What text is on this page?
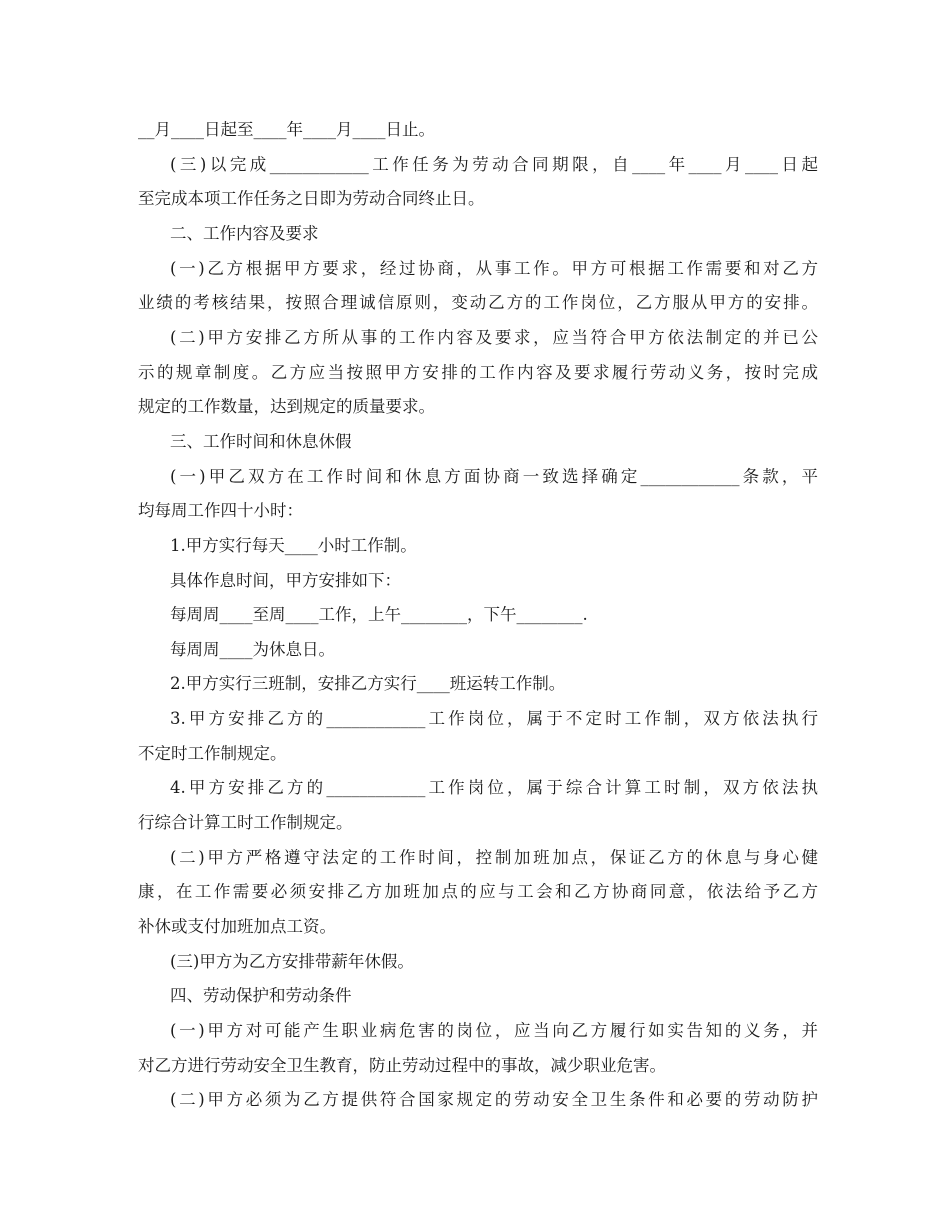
__月____日起至____年____月____日止。
(三)以完成____________工作任务为劳动合同期限，自____年____月____日起
至完成本项工作任务之日即为劳动合同终止日。
二、工作内容及要求
(一)乙方根据甲方要求，经过协商，从事工作。甲方可根据工作需要和对乙方
业绩的考核结果，按照合理诚信原则，变动乙方的工作岗位，乙方服从甲方的安排。
(二)甲方安排乙方所从事的工作内容及要求，应当符合甲方依法制定的并已公
示的规章制度。乙方应当按照甲方安排的工作内容及要求履行劳动义务，按时完成
规定的工作数量，达到规定的质量要求。
三、工作时间和休息休假
(一)甲乙双方在工作时间和休息方面协商一致选择确定____________条款，平
均每周工作四十小时：
1.甲方实行每天____小时工作制。
具体作息时间，甲方安排如下：
每周周____至周____工作，上午________，下午________.
每周周____为休息日。
2.甲方实行三班制，安排乙方实行____班运转工作制。
3.甲方安排乙方的____________工作岗位，属于不定时工作制，双方依法执行
不定时工作制规定。
4.甲方安排乙方的____________工作岗位，属于综合计算工时制，双方依法执
行综合计算工时工作制规定。
(二)甲方严格遵守法定的工作时间，控制加班加点，保证乙方的休息与身心健
康，在工作需要必须安排乙方加班加点的应与工会和乙方协商同意，依法给予乙方
补休或支付加班加点工资。
(三)甲方为乙方安排带薪年休假。
四、劳动保护和劳动条件
(一)甲方对可能产生职业病危害的岗位，应当向乙方履行如实告知的义务，并
对乙方进行劳动安全卫生教育，防止劳动过程中的事故，减少职业危害。
(二)甲方必须为乙方提供符合国家规定的劳动安全卫生条件和必要的劳动防护
